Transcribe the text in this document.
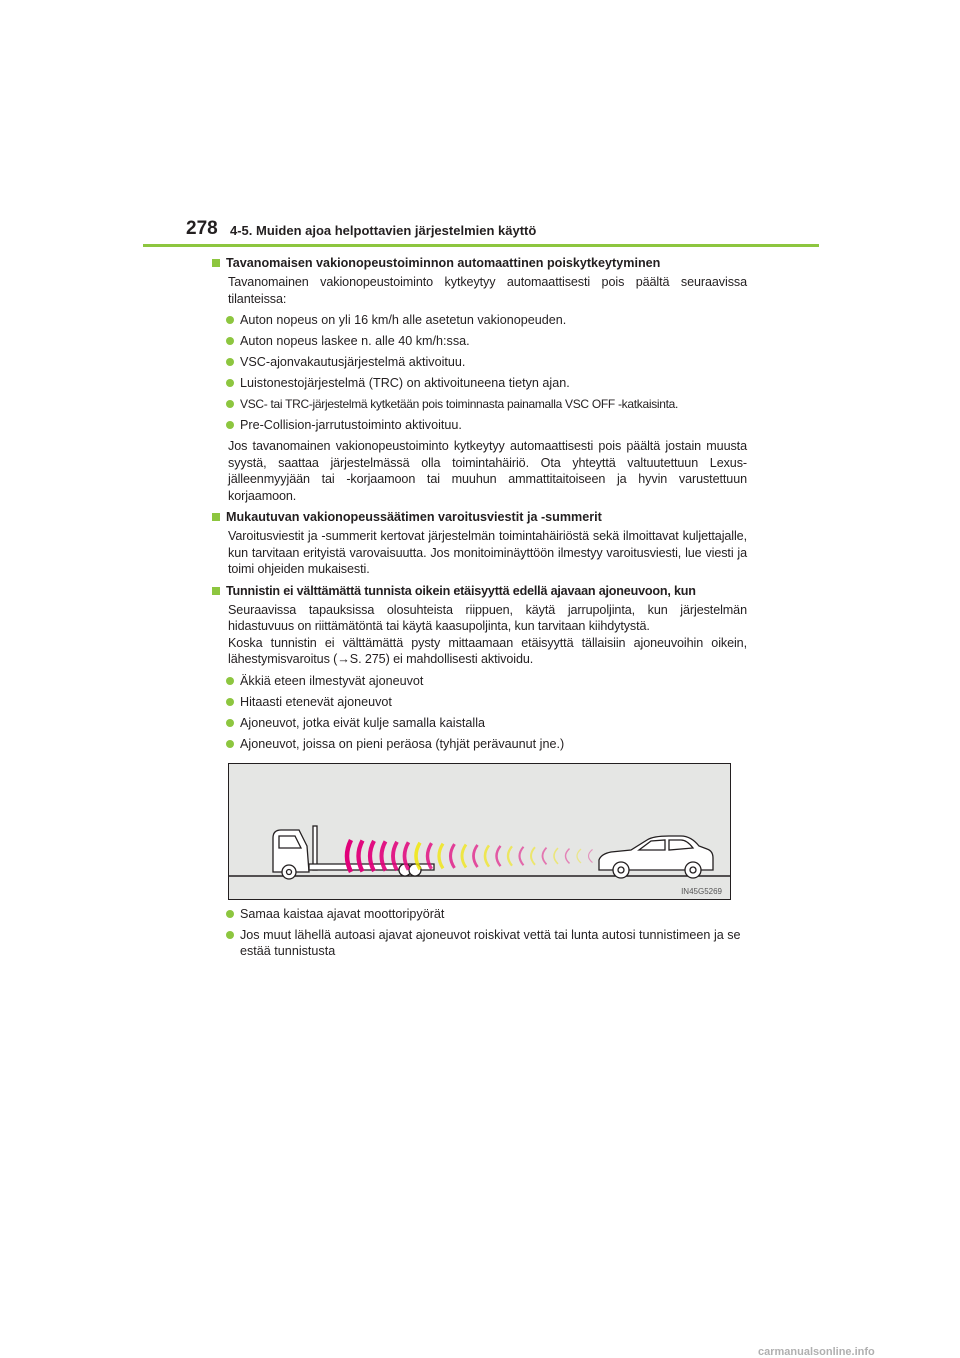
278 4-5. Muiden ajoa helpottavien järjestelmien käyttö

Tavanomaisen vakionopeustoiminnon automaattinen poiskytkeytyminen

Tavanomainen vakionopeustoiminto kytkeytyy automaattisesti pois päältä seuraavissa tilanteissa:

Auton nopeus on yli 16 km/h alle asetetun vakionopeuden.

Auton nopeus laskee n. alle 40 km/h:ssa.

VSC-ajonvakautusjärjestelmä aktivoituu.

Luistonestojärjestelmä (TRC) on aktivoituneena tietyn ajan.

VSC- tai TRC-järjestelmä kytketään pois toiminnasta painamalla VSC OFF -katkaisinta.

Pre-Collision-jarrutustoiminto aktivoituu.

Jos tavanomainen vakionopeustoiminto kytkeytyy automaattisesti pois päältä jostain muusta syystä, saattaa järjestelmässä olla toimintahäiriö. Ota yhteyttä valtuutettuun Lexus-jälleenmyyjään tai -korjaamoon tai muuhun ammattitaitoiseen ja hyvin varustettuun korjaamoon.

Mukautuvan vakionopeussäätimen varoitusviestit ja -summerit

Varoitusviestit ja -summerit kertovat järjestelmän toimintahäiriöstä sekä ilmoittavat kuljettajalle, kun tarvitaan erityistä varovaisuutta. Jos monitoiminäyttöön ilmestyy varoitusviesti, lue viesti ja toimi ohjeiden mukaisesti.

Tunnistin ei välttämättä tunnista oikein etäisyyttä edellä ajavaan ajoneuvoon, kun

Seuraavissa tapauksissa olosuhteista riippuen, käytä jarrupoljinta, kun järjestelmän hidastuvuus on riittämätöntä tai käytä kaasupoljinta, kun tarvitaan kiihdytystä.

Koska tunnistin ei välttämättä pysty mittaamaan etäisyyttä tällaisiin ajoneuvoihin oikein, lähestymisvaroitus (→S. 275) ei mahdollisesti aktivoidu.

Äkkiä eteen ilmestyvät ajoneuvot

Hitaasti etenevät ajoneuvot

Ajoneuvot, jotka eivät kulje samalla kaistalla

Ajoneuvot, joissa on pieni peräosa (tyhjät perävaunut jne.)

IN45G5269

Samaa kaistaa ajavat moottoripyörät

Jos muut lähellä autoasi ajavat ajoneuvot roiskivat vettä tai lunta autosi tunnistimeen ja se estää tunnistusta

carmanualsonline.info
